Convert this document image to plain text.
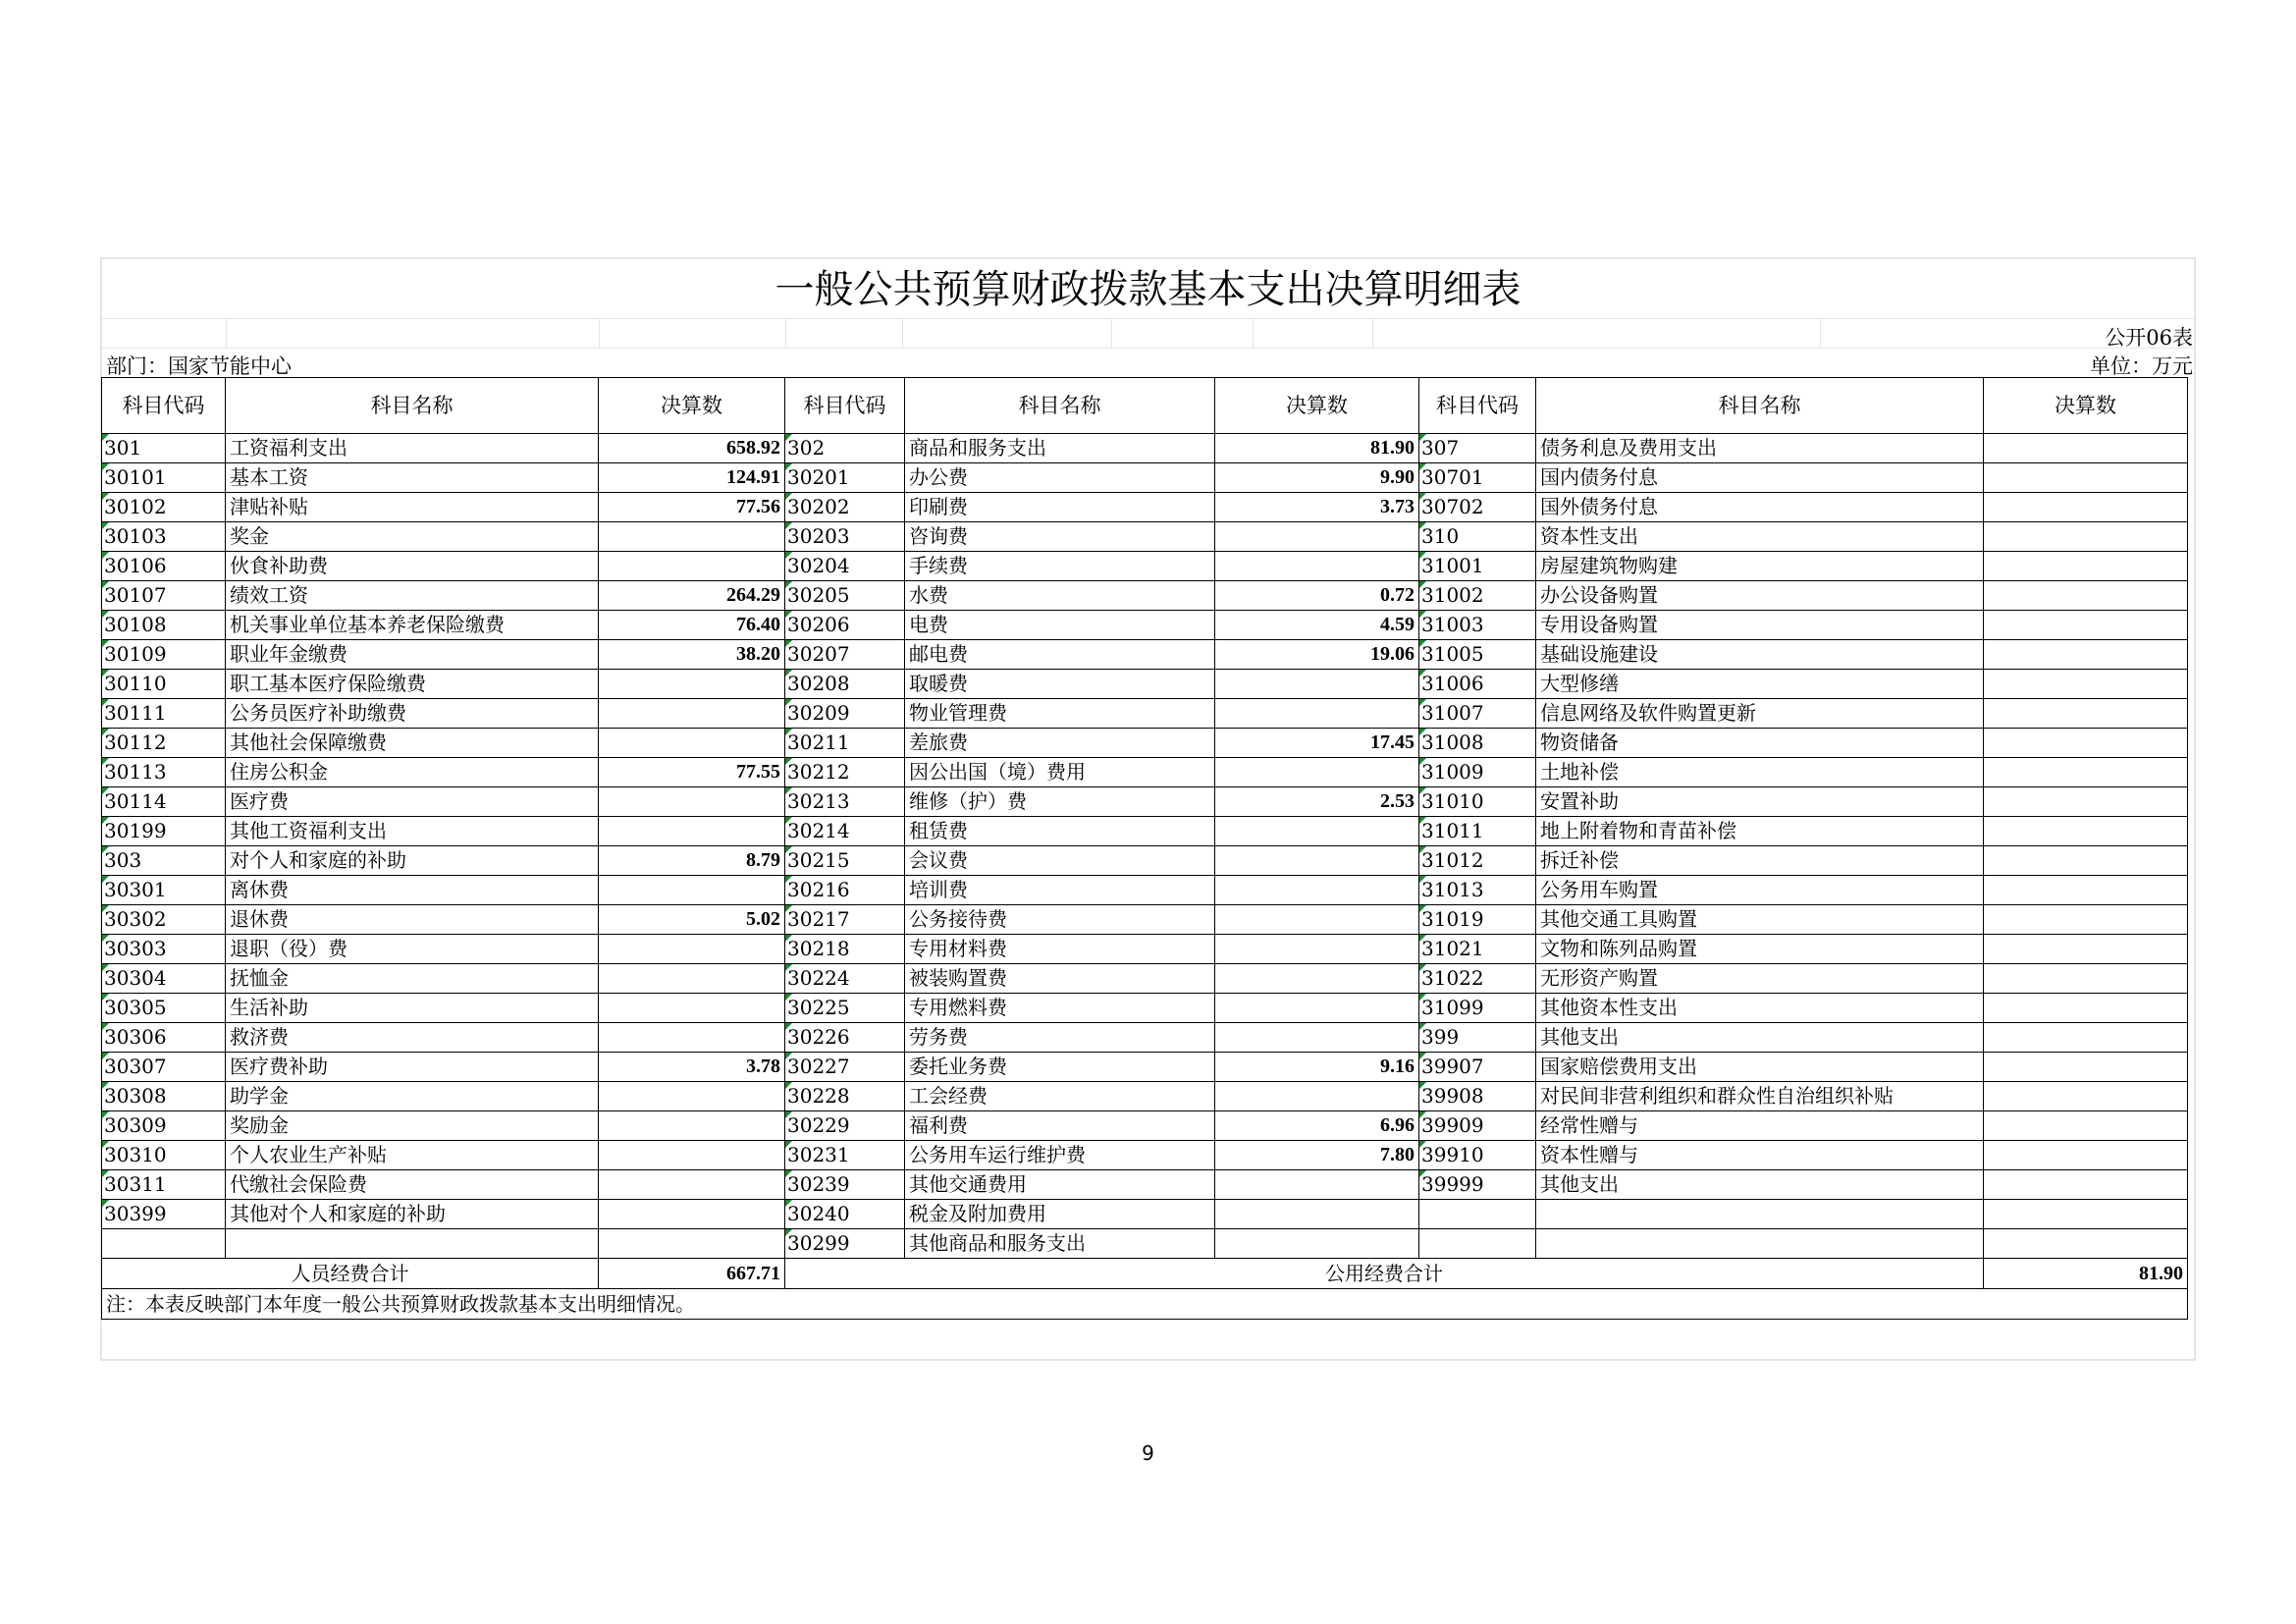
一般公共预算财政拨款基本支出决算明细表
公开06表
部门：国家节能中心	单位：万元
科目代码	科目名称	决算数	科目代码	科目名称	决算数	科目代码	科目名称	决算数
301	工资福利支出	658.92	302	商品和服务支出	81.90	307	债务利息及费用支出	
30101	基本工资	124.91	30201	办公费	9.90	30701	国内债务付息	
30102	津贴补贴	77.56	30202	印刷费	3.73	30702	国外债务付息	
30103	奖金		30203	咨询费		310	资本性支出	
30106	伙食补助费		30204	手续费		31001	房屋建筑物购建	
30107	绩效工资	264.29	30205	水费	0.72	31002	办公设备购置	
30108	机关事业单位基本养老保险缴费	76.40	30206	电费	4.59	31003	专用设备购置	
30109	职业年金缴费	38.20	30207	邮电费	19.06	31005	基础设施建设	
30110	职工基本医疗保险缴费		30208	取暖费		31006	大型修缮	
30111	公务员医疗补助缴费		30209	物业管理费		31007	信息网络及软件购置更新	
30112	其他社会保障缴费		30211	差旅费	17.45	31008	物资储备	
30113	住房公积金	77.55	30212	因公出国（境）费用		31009	土地补偿	
30114	医疗费		30213	维修（护）费	2.53	31010	安置补助	
30199	其他工资福利支出		30214	租赁费		31011	地上附着物和青苗补偿	
303	对个人和家庭的补助	8.79	30215	会议费		31012	拆迁补偿	
30301	离休费		30216	培训费		31013	公务用车购置	
30302	退休费	5.02	30217	公务接待费		31019	其他交通工具购置	
30303	退职（役）费		30218	专用材料费		31021	文物和陈列品购置	
30304	抚恤金		30224	被装购置费		31022	无形资产购置	
30305	生活补助		30225	专用燃料费		31099	其他资本性支出	
30306	救济费		30226	劳务费		399	其他支出	
30307	医疗费补助	3.78	30227	委托业务费	9.16	39907	国家赔偿费用支出	
30308	助学金		30228	工会经费		39908	对民间非营利组织和群众性自治组织补贴	
30309	奖励金		30229	福利费	6.96	39909	经常性赠与	
30310	个人农业生产补贴		30231	公务用车运行维护费	7.80	39910	资本性赠与	
30311	代缴社会保险费		30239	其他交通费用		39999	其他支出	
30399	其他对个人和家庭的补助		30240	税金及附加费用				
			30299	其他商品和服务支出				
人员经费合计		667.71	公用经费合计					81.90
注：本表反映部门本年度一般公共预算财政拨款基本支出明细情况。								
9
